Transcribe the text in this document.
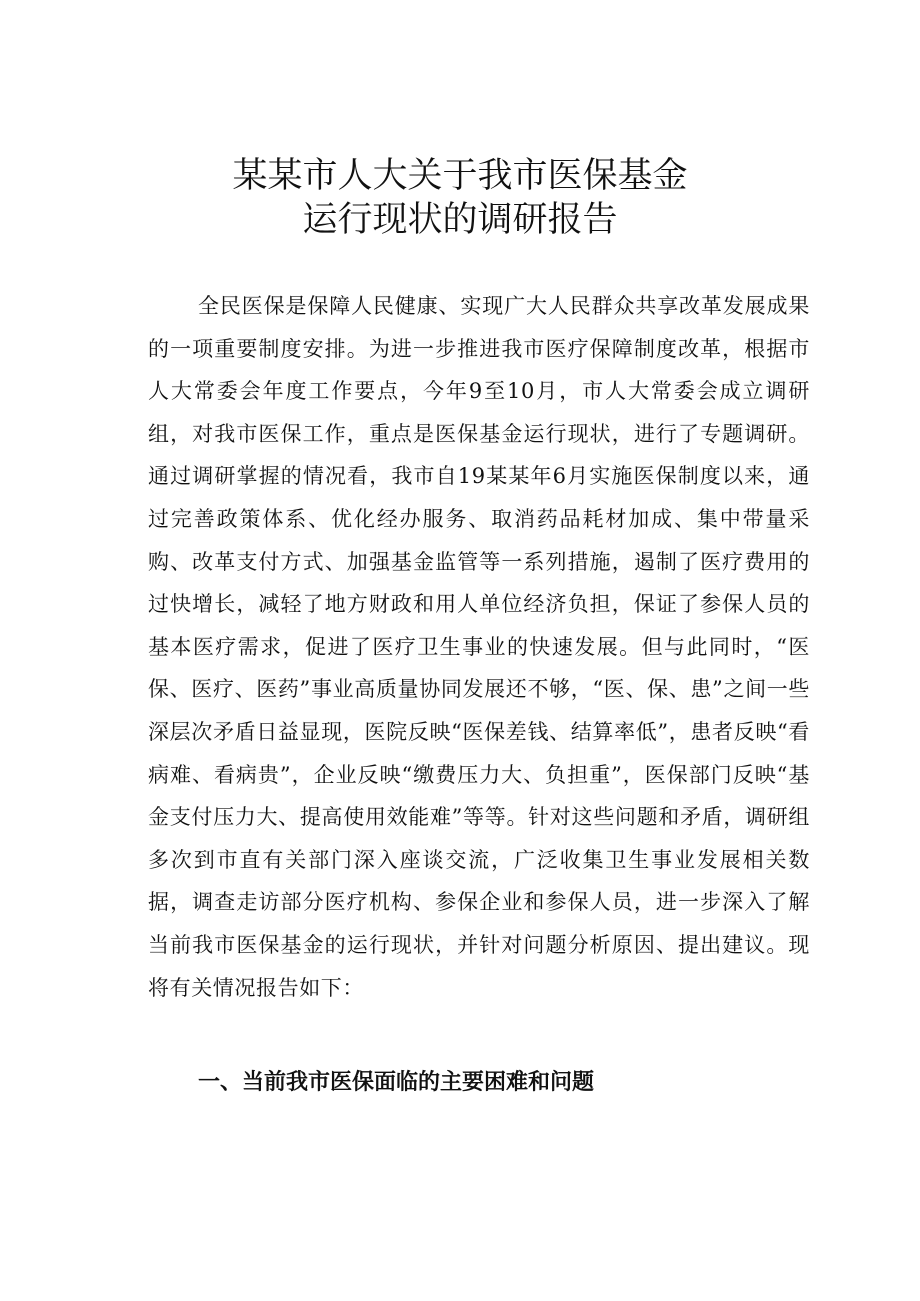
某某市人大关于我市医保基金
运行现状的调研报告

全民医保是保障人民健康、实现广大人民群众共享改革发展成果的一项重要制度安排。为进一步推进我市医疗保障制度改革，根据市人大常委会年度工作要点，今年9至10月，市人大常委会成立调研组，对我市医保工作，重点是医保基金运行现状，进行了专题调研。通过调研掌握的情况看，我市自19某某年6月实施医保制度以来，通过完善政策体系、优化经办服务、取消药品耗材加成、集中带量采购、改革支付方式、加强基金监管等一系列措施，遏制了医疗费用的过快增长，减轻了地方财政和用人单位经济负担，保证了参保人员的基本医疗需求，促进了医疗卫生事业的快速发展。但与此同时，“医保、医疗、医药”事业高质量协同发展还不够，“医、保、患”之间一些深层次矛盾日益显现，医院反映“医保差钱、结算率低”，患者反映“看病难、看病贵”，企业反映“缴费压力大、负担重”，医保部门反映“基金支付压力大、提高使用效能难”等等。针对这些问题和矛盾，调研组多次到市直有关部门深入座谈交流，广泛收集卫生事业发展相关数据，调查走访部分医疗机构、参保企业和参保人员，进一步深入了解当前我市医保基金的运行现状，并针对问题分析原因、提出建议。现将有关情况报告如下：

一、当前我市医保面临的主要困难和问题
